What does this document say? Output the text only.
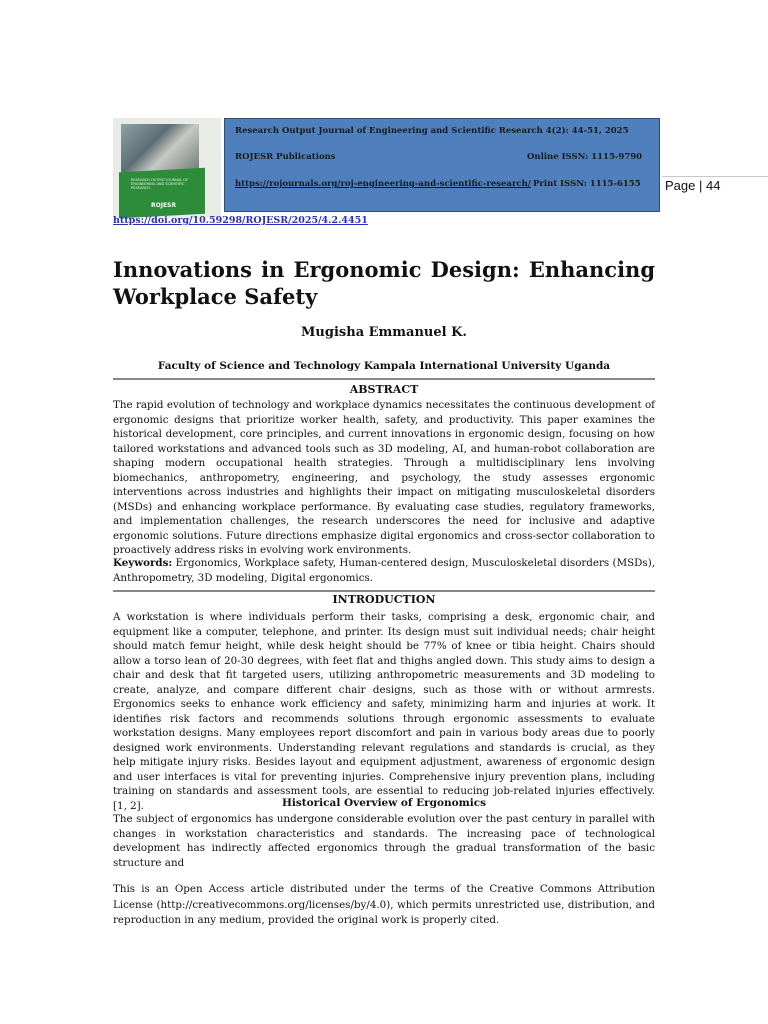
RESEARCH OUTPUT JOURNAL OF ENGINEERING AND SCIENTIFIC RESEARCH
ROJESR
Research Output Journal of Engineering and Scientific Research 4(2): 44-51, 2025
ROJESR Publications	Online ISSN: 1115-9790
https://rojournals.org/roj-engineering-and-scientific-research/ Print ISSN: 1115-6155 Page | 44
https://doi.org/10.59298/ROJESR/2025/4.2.4451
Innovations in Ergonomic Design: Enhancing Workplace Safety
Mugisha Emmanuel K.
Faculty of Science and Technology Kampala International University Uganda
ABSTRACT
The rapid evolution of technology and workplace dynamics necessitates the continuous development of ergonomic designs that prioritize worker health, safety, and productivity. This paper examines the historical development, core principles, and current innovations in ergonomic design, focusing on how tailored workstations and advanced tools such as 3D modeling, AI, and human-robot collaboration are shaping modern occupational health strategies. Through a multidisciplinary lens involving biomechanics, anthropometry, engineering, and psychology, the study assesses ergonomic interventions across industries and highlights their impact on mitigating musculoskeletal disorders (MSDs) and enhancing workplace performance. By evaluating case studies, regulatory frameworks, and implementation challenges, the research underscores the need for inclusive and adaptive ergonomic solutions. Future directions emphasize digital ergonomics and cross-sector collaboration to proactively address risks in evolving work environments.
Keywords: Ergonomics, Workplace safety, Human-centered design, Musculoskeletal disorders (MSDs), Anthropometry, 3D modeling, Digital ergonomics.
INTRODUCTION
A workstation is where individuals perform their tasks, comprising a desk, ergonomic chair, and equipment like a computer, telephone, and printer. Its design must suit individual needs; chair height should match femur height, while desk height should be 77% of knee or tibia height. Chairs should allow a torso lean of 20-30 degrees, with feet flat and thighs angled down. This study aims to design a chair and desk that fit targeted users, utilizing anthropometric measurements and 3D modeling to create, analyze, and compare different chair designs, such as those with or without armrests. Ergonomics seeks to enhance work efficiency and safety, minimizing harm and injuries at work. It identifies risk factors and recommends solutions through ergonomic assessments to evaluate workstation designs. Many employees report discomfort and pain in various body areas due to poorly designed work environments. Understanding relevant regulations and standards is crucial, as they help mitigate injury risks. Besides layout and equipment adjustment, awareness of ergonomic design and user interfaces is vital for preventing injuries. Comprehensive injury prevention plans, including training on standards and assessment tools, are essential to reducing job-related injuries effectively. [1, 2].	Historical Overview of Ergonomics
The subject of ergonomics has undergone considerable evolution over the past century in parallel with changes in workstation characteristics and standards. The increasing pace of technological development has indirectly affected ergonomics through the gradual transformation of the basic structure and
This is an Open Access article distributed under the terms of the Creative Commons Attribution License (http://creativecommons.org/licenses/by/4.0), which permits unrestricted use, distribution, and reproduction in any medium, provided the original work is properly cited.
